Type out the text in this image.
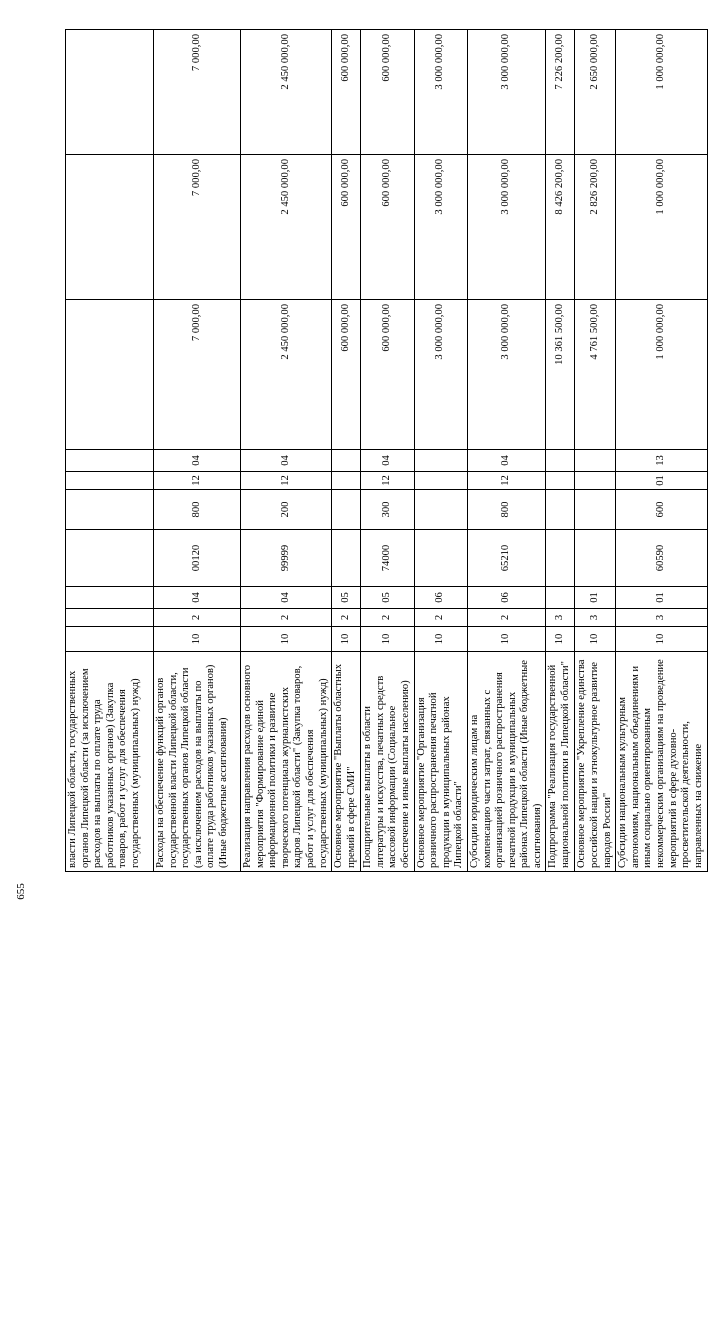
655
власти Липецкой области, государственных органов Липецкой области (за исключением расходов на выплаты по оплате труда работников указанных органов) (Закупка товаров, работ и услуг для обеспечения государственных (муниципальных) нужд)										
Расходы на обеспечение функций органов государственной власти Липецкой области, государственных органов Липецкой области (за исключением расходов на выплаты по оплате труда работников указанных органов) (Иные бюджетные ассигнования)	10	2	04	00120	800	12	04	7 000,00	7 000,00	7 000,00
Реализация направления расходов основного мероприятия "Формирование единой информационной политики и развитие творческого потенциала журналистских кадров Липецкой области" (Закупка товаров, работ и услуг для обеспечения государственных (муниципальных) нужд)	10	2	04	99999	200	12	04	2 450 000,00	2 450 000,00	2 450 000,00
Основное мероприятие "Выплаты областных премий в сфере СМИ"	10	2	05					600 000,00	600 000,00	600 000,00
Поощрительные выплаты в области литературы и искусства, печатных средств массовой информации (Социальное обеспечение и иные выплаты населению)	10	2	05	74000	300	12	04	600 000,00	600 000,00	600 000,00
Основное мероприятие "Организация розничного распространения печатной продукции в муниципальных районах Липецкой области"	10	2	06					3 000 000,00	3 000 000,00	3 000 000,00
Субсидии юридическим лицам на компенсацию части затрат, связанных с организацией розничного распространения печатной продукции в муниципальных районах Липецкой области (Иные бюджетные ассигнования)	10	2	06	65210	800	12	04	3 000 000,00	3 000 000,00	3 000 000,00
Подпрограмма "Реализация государственной национальной политики в Липецкой области"	10	3						10 361 500,00	8 426 200,00	7 226 200,00
Основное мероприятие "Укрепление единства российской нации и этнокультурное развитие народов России"	10	3	01					4 761 500,00	2 826 200,00	2 650 000,00
Субсидии национальным культурным автономиям, национальным объединениям и иным социально ориентированным некоммерческим организациям на проведение мероприятий в сфере духовно-просветительской деятельности, направленных на снижение	10	3	01	60590	600	01	13	1 000 000,00	1 000 000,00	1 000 000,00
